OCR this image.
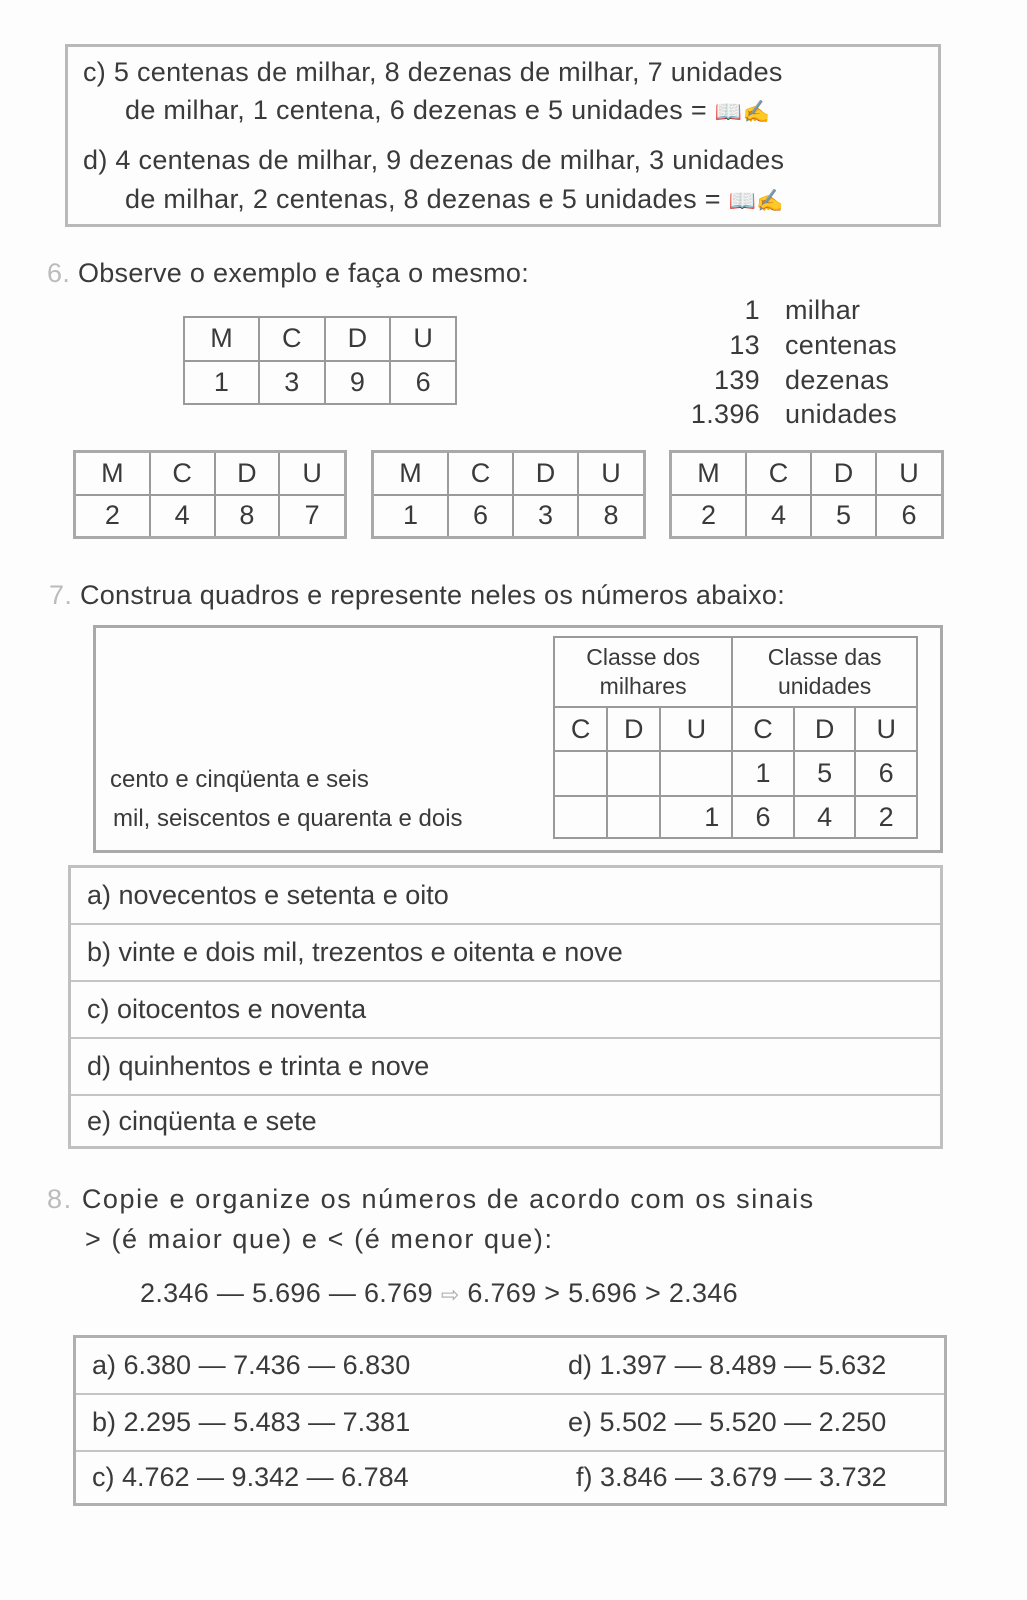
c) 5 centenas de milhar, 8 dezenas de milhar, 7 unidades
de milhar, 1 centena, 6 dezenas e 5 unidades = 📖✍
d) 4 centenas de milhar, 9 dezenas de milhar, 3 unidades
de milhar, 2 centenas, 8 dezenas e 5 unidades = 📖✍
6. Observe o exemplo e faça o mesmo:
M	C	D	U
1	3	9	6
1 milhar
13 centenas
139 dezenas
1.396 unidades
M	C	D	U
2	4	8	7
M	C	D	U
1	6	3	8
M	C	D	U
2	4	5	6
7. Construa quadros e represente neles os números abaixo:
cento e cinqüenta e seis
mil, seiscentos e quarenta e dois
Classe dos milhares			Classe das unidades		
C	D	U	C	D	U
			1	5	6
		1	6	4	2
a) novecentos e setenta e oito
b) vinte e dois mil, trezentos e oitenta e nove
c) oitocentos e noventa
d) quinhentos e trinta e nove
e) cinqüenta e sete
8. Copie e organize os números de acordo com os sinais
> (é maior que) e < (é menor que):
2.346 — 5.696 — 6.769 ⇨ 6.769 > 5.696 > 2.346
a) 6.380 — 7.436 — 6.830	d) 1.397 — 8.489 — 5.632
b) 2.295 — 5.483 — 7.381	e) 5.502 — 5.520 — 2.250
c) 4.762 — 9.342 — 6.784	f) 3.846 — 3.679 — 3.732
